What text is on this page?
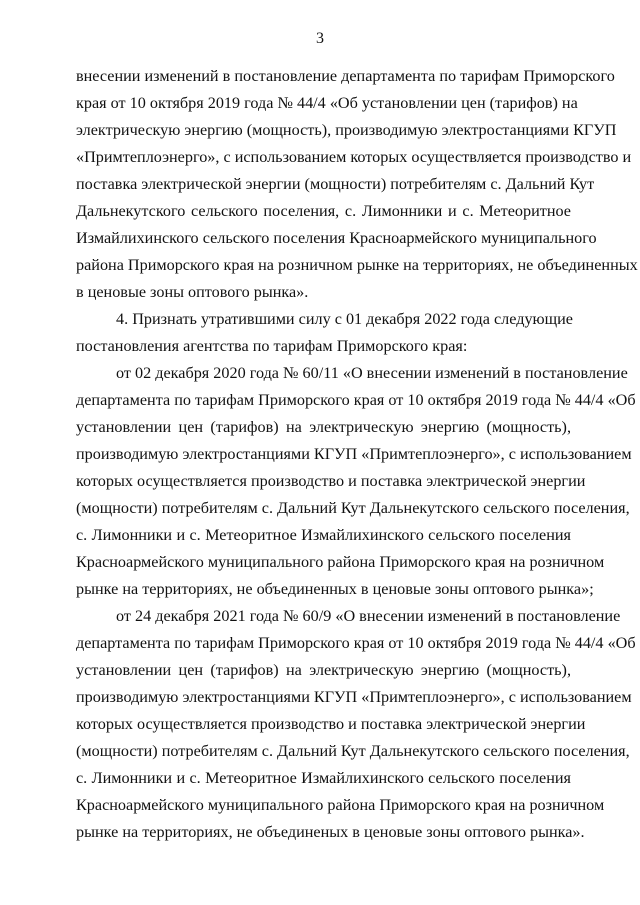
3
внесении изменений в постановление департамента по тарифам Приморского
края от 10 октября 2019 года № 44/4 «Об установлении цен (тарифов) на
электрическую энергию (мощность), производимую электростанциями КГУП
«Примтеплоэнерго», с использованием которых осуществляется производство и
поставка электрической энергии (мощности) потребителям с. Дальний Кут
Дальнекутского сельского поселения, с. Лимонники и с. Метеоритное
Измайлихинского сельского поселения Красноармейского муниципального
района Приморского края на розничном рынке на территориях, не объединенных
в ценовые зоны оптового рынка».
4. Признать утратившими силу с 01 декабря 2022 года следующие
постановления агентства по тарифам Приморского края:
от 02 декабря 2020 года № 60/11 «О внесении изменений в постановление
департамента по тарифам Приморского края от 10 октября 2019 года № 44/4 «Об
установлении цен (тарифов) на электрическую энергию (мощность),
производимую электростанциями КГУП «Примтеплоэнерго», с использованием
которых осуществляется производство и поставка электрической энергии
(мощности) потребителям с. Дальний Кут Дальнекутского сельского поселения,
с. Лимонники и с. Метеоритное Измайлихинского сельского поселения
Красноармейского муниципального района Приморского края на розничном
рынке на территориях, не объединенных в ценовые зоны оптового рынка»;
от 24 декабря 2021 года № 60/9 «О внесении изменений в постановление
департамента по тарифам Приморского края от 10 октября 2019 года № 44/4 «Об
установлении цен (тарифов) на электрическую энергию (мощность),
производимую электростанциями КГУП «Примтеплоэнерго», с использованием
которых осуществляется производство и поставка электрической энергии
(мощности) потребителям с. Дальний Кут Дальнекутского сельского поселения,
с. Лимонники и с. Метеоритное Измайлихинского сельского поселения
Красноармейского муниципального района Приморского края на розничном
рынке на территориях, не объединеных в ценовые зоны оптового рынка».
